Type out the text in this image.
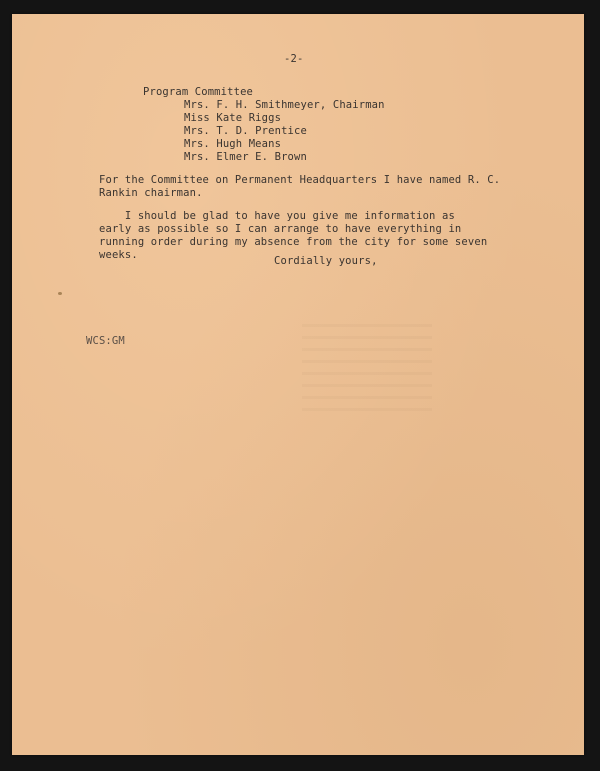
-2-
Program Committee
Mrs. F. H. Smithmeyer, Chairman
Miss Kate Riggs
Mrs. T. D. Prentice
Mrs. Hugh Means
Mrs. Elmer E. Brown
For the Committee on Permanent Headquarters I have named R. C.
Rankin chairman.
I should be glad to have you give me information as
early as possible so I can arrange to have everything in
running order during my absence from the city for some seven
weeks.	Cordially yours,
WCS:GM
